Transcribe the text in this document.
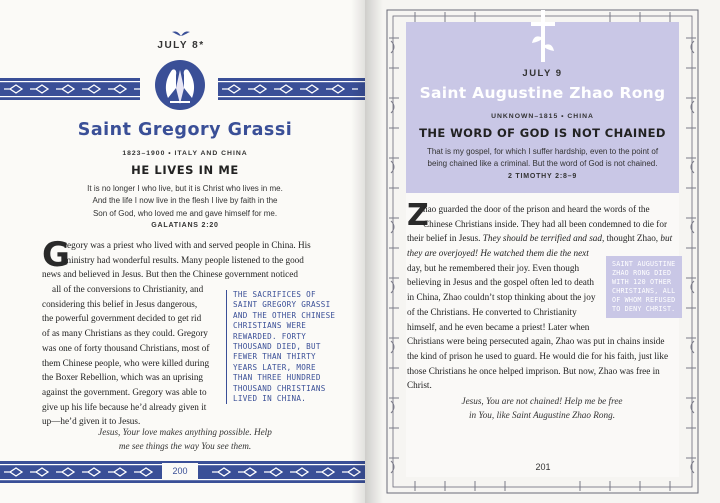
JULY 8*
Saint Gregory Grassi
1823–1900 • ITALY AND CHINA
HE LIVES IN ME
It is no longer I who live, but it is Christ who lives in me.
And the life I now live in the flesh I live by faith in the
Son of God, who loved me and gave himself for me.
GALATIANS 2:20
G
regory was a priest who lived with and served people in China. His
ministry had wonderful results. Many people listened to the good
news and believed in Jesus. But then the Chinese government noticed
all of the conversions to Christianity, and
considering this belief in Jesus dangerous,
the powerful government decided to get rid
of as many Christians as they could. Gregory
was one of forty thousand Christians, most of
them Chinese people, who were killed during
the Boxer Rebellion, which was an uprising
against the government. Gregory was able to
give up his life because he’d already given it
up—he’d given it to Jesus.
THE SACRIFICES OF SAINT GREGORY GRASSI AND THE OTHER CHINESE CHRISTIANS WERE REWARDED. FORTY THOUSAND DIED, BUT FEWER THAN THIRTY YEARS LATER, MORE THAN THREE HUNDRED THOUSAND CHRISTIANS LIVED IN CHINA.
Jesus, Your love makes anything possible. Help
me see things the way You see them.
200
JULY 9
Saint Augustine Zhao Rong
UNKNOWN–1815 • CHINA
THE WORD OF GOD IS NOT CHAINED
That is my gospel, for which I suffer hardship, even to the point of
being chained like a criminal. But the word of God is not chained.
2 TIMOTHY 2:8–9
Z
hao guarded the door of the prison and heard the words of the
Chinese Christians inside. They had all been condemned to die for
their belief in Jesus. They should be terrified and sad, thought Zhao, but
they are overjoyed! He watched them die the next
day, but he remembered their joy. Even though
believing in Jesus and the gospel often led to death
in China, Zhao couldn’t stop thinking about the joy
of the Christians. He converted to Christianity
himself, and he even became a priest! Later when
Christians were being persecuted again, Zhao was put in chains inside
the kind of prison he used to guard. He would die for his faith, just like
those Christians he once helped imprison. But now, Zhao was free in
Christ.
SAINT AUGUSTINE ZHAO RONG DIED WITH 120 OTHER CHRISTIANS, ALL OF WHOM REFUSED TO DENY CHRIST.
Jesus, You are not chained! Help me be free
in You, like Saint Augustine Zhao Rong.
201
